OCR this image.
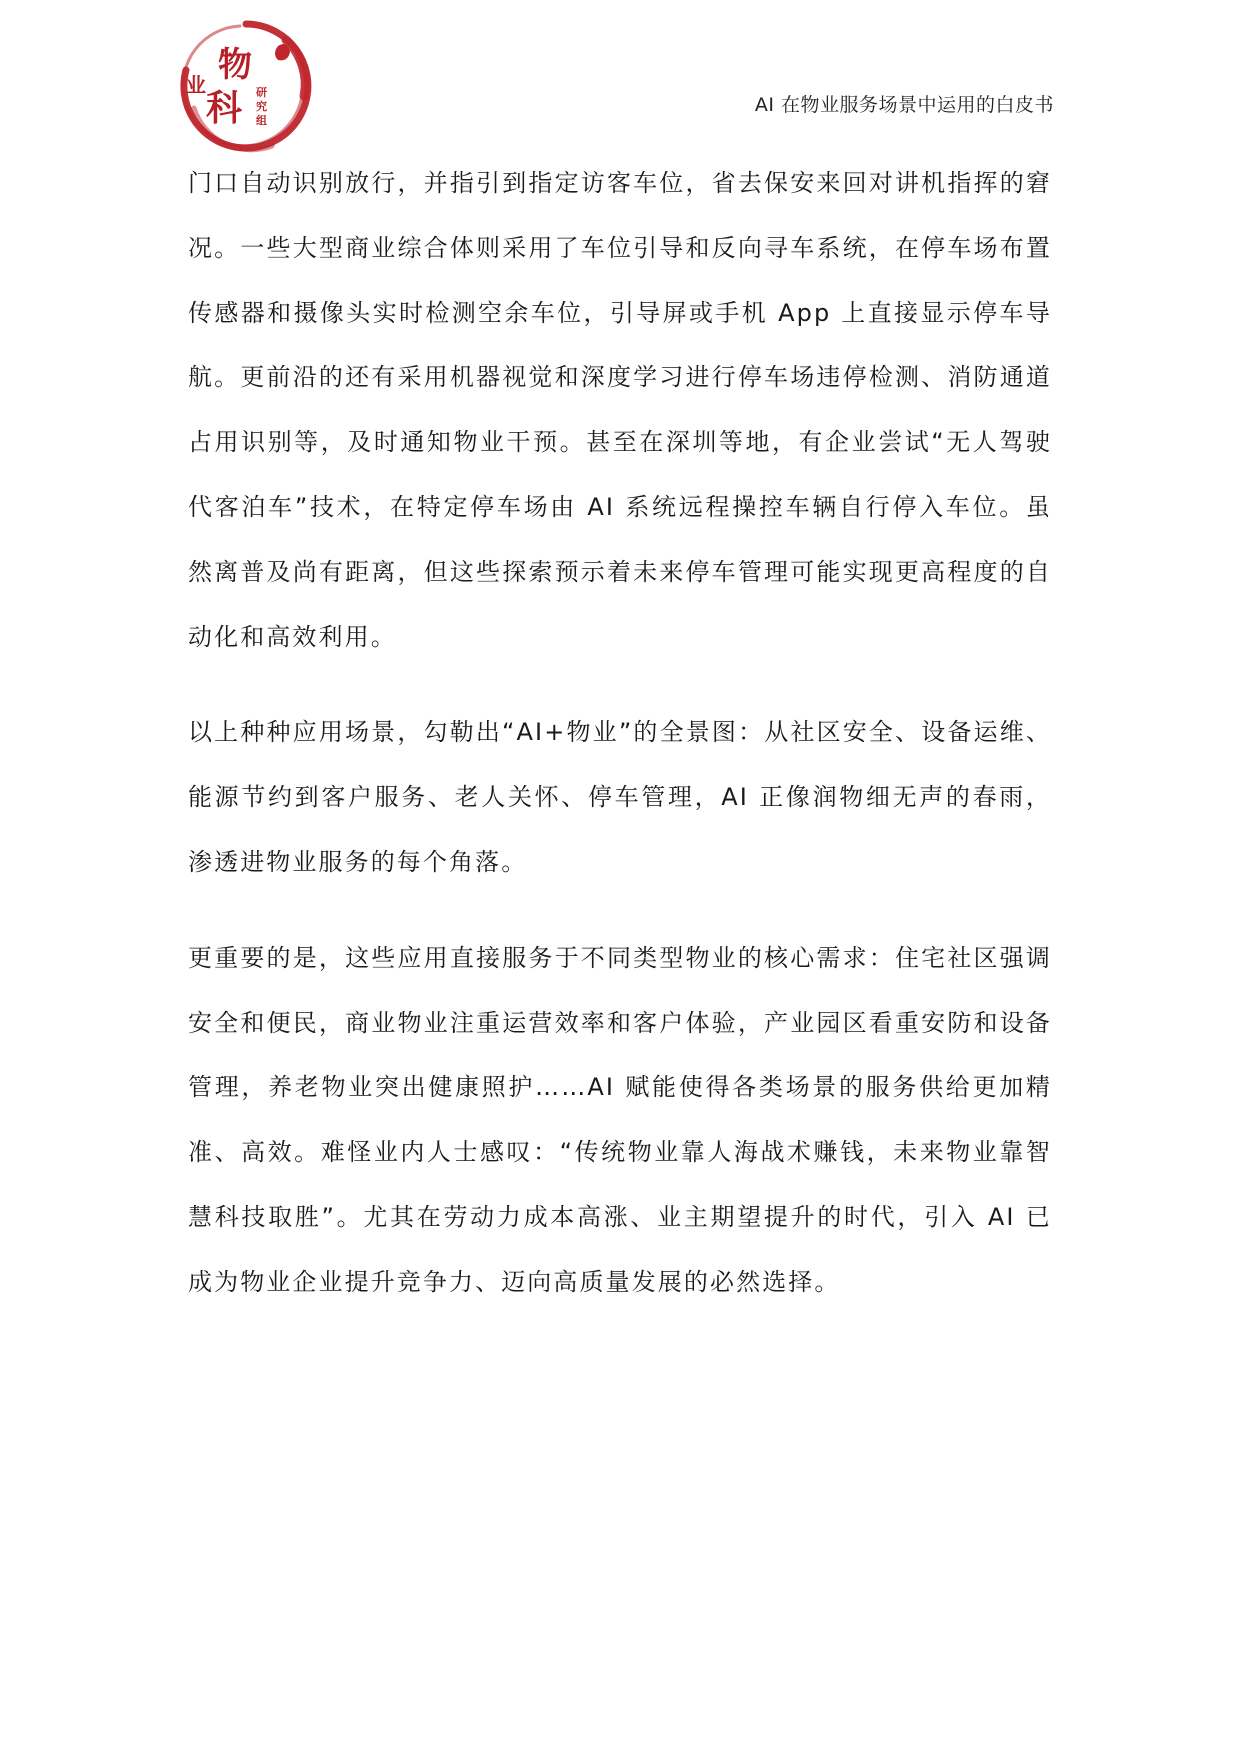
物
业
科 研
究
组
AI 在物业服务场景中运用的白皮书

门口自动识别放行，并指引到指定访客车位，省去保安来回对讲机指挥的窘况。一些大型商业综合体则采用了车位引导和反向寻车系统，在停车场布置传感器和摄像头实时检测空余车位，引导屏或手机 App 上直接显示停车导航。更前沿的还有采用机器视觉和深度学习进行停车场违停检测、消防通道占用识别等，及时通知物业干预。甚至在深圳等地，有企业尝试“无人驾驶代客泊车”技术，在特定停车场由 AI 系统远程操控车辆自行停入车位。虽然离普及尚有距离，但这些探索预示着未来停车管理可能实现更高程度的自动化和高效利用。

以上种种应用场景，勾勒出“AI+物业”的全景图：从社区安全、设备运维、能源节约到客户服务、老人关怀、停车管理，AI 正像润物细无声的春雨，渗透进物业服务的每个角落。

更重要的是，这些应用直接服务于不同类型物业的核心需求：住宅社区强调安全和便民，商业物业注重运营效率和客户体验，产业园区看重安防和设备管理，养老物业突出健康照护……AI 赋能使得各类场景的服务供给更加精准、高效。难怪业内人士感叹：“传统物业靠人海战术赚钱，未来物业靠智慧科技取胜”。尤其在劳动力成本高涨、业主期望提升的时代，引入 AI 已成为物业企业提升竞争力、迈向高质量发展的必然选择。
